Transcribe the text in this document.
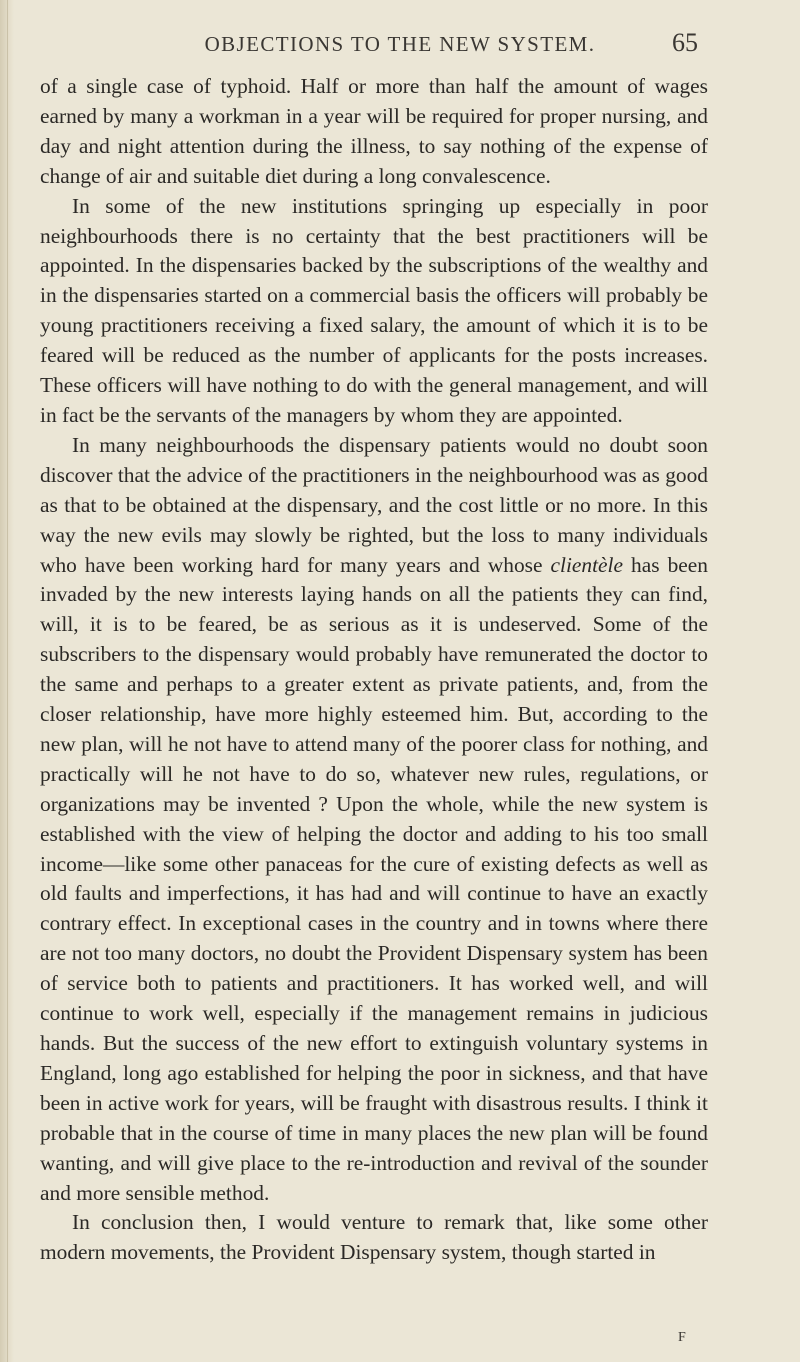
OBJECTIONS TO THE NEW SYSTEM.	65

of a single case of typhoid. Half or more than half the amount of wages earned by many a workman in a year will be required for proper nursing, and day and night attention during the illness, to say nothing of the expense of change of air and suitable diet during a long convalescence.

In some of the new institutions springing up especially in poor neighbourhoods there is no certainty that the best practitioners will be appointed. In the dispensaries backed by the subscriptions of the wealthy and in the dispensaries started on a commercial basis the officers will probably be young practitioners receiving a fixed salary, the amount of which it is to be feared will be reduced as the number of applicants for the posts increases. These officers will have nothing to do with the general management, and will in fact be the servants of the managers by whom they are appointed.

In many neighbourhoods the dispensary patients would no doubt soon discover that the advice of the practitioners in the neighbourhood was as good as that to be obtained at the dispensary, and the cost little or no more. In this way the new evils may slowly be righted, but the loss to many individuals who have been working hard for many years and whose clientèle has been invaded by the new interests laying hands on all the patients they can find, will, it is to be feared, be as serious as it is undeserved. Some of the subscribers to the dispensary would probably have remunerated the doctor to the same and perhaps to a greater extent as private patients, and, from the closer relationship, have more highly esteemed him. But, according to the new plan, will he not have to attend many of the poorer class for nothing, and practically will he not have to do so, whatever new rules, regulations, or organizations may be invented ? Upon the whole, while the new system is established with the view of helping the doctor and adding to his too small income—like some other panaceas for the cure of existing defects as well as old faults and imperfections, it has had and will continue to have an exactly contrary effect. In exceptional cases in the country and in towns where there are not too many doctors, no doubt the Provident Dispensary system has been of service both to patients and practitioners. It has worked well, and will continue to work well, especially if the management remains in judicious hands. But the success of the new effort to extinguish voluntary systems in England, long ago established for helping the poor in sickness, and that have been in active work for years, will be fraught with disastrous results. I think it probable that in the course of time in many places the new plan will be found wanting, and will give place to the re-introduction and revival of the sounder and more sensible method.

In conclusion then, I would venture to remark that, like some other modern movements, the Provident Dispensary system, though started in

F
